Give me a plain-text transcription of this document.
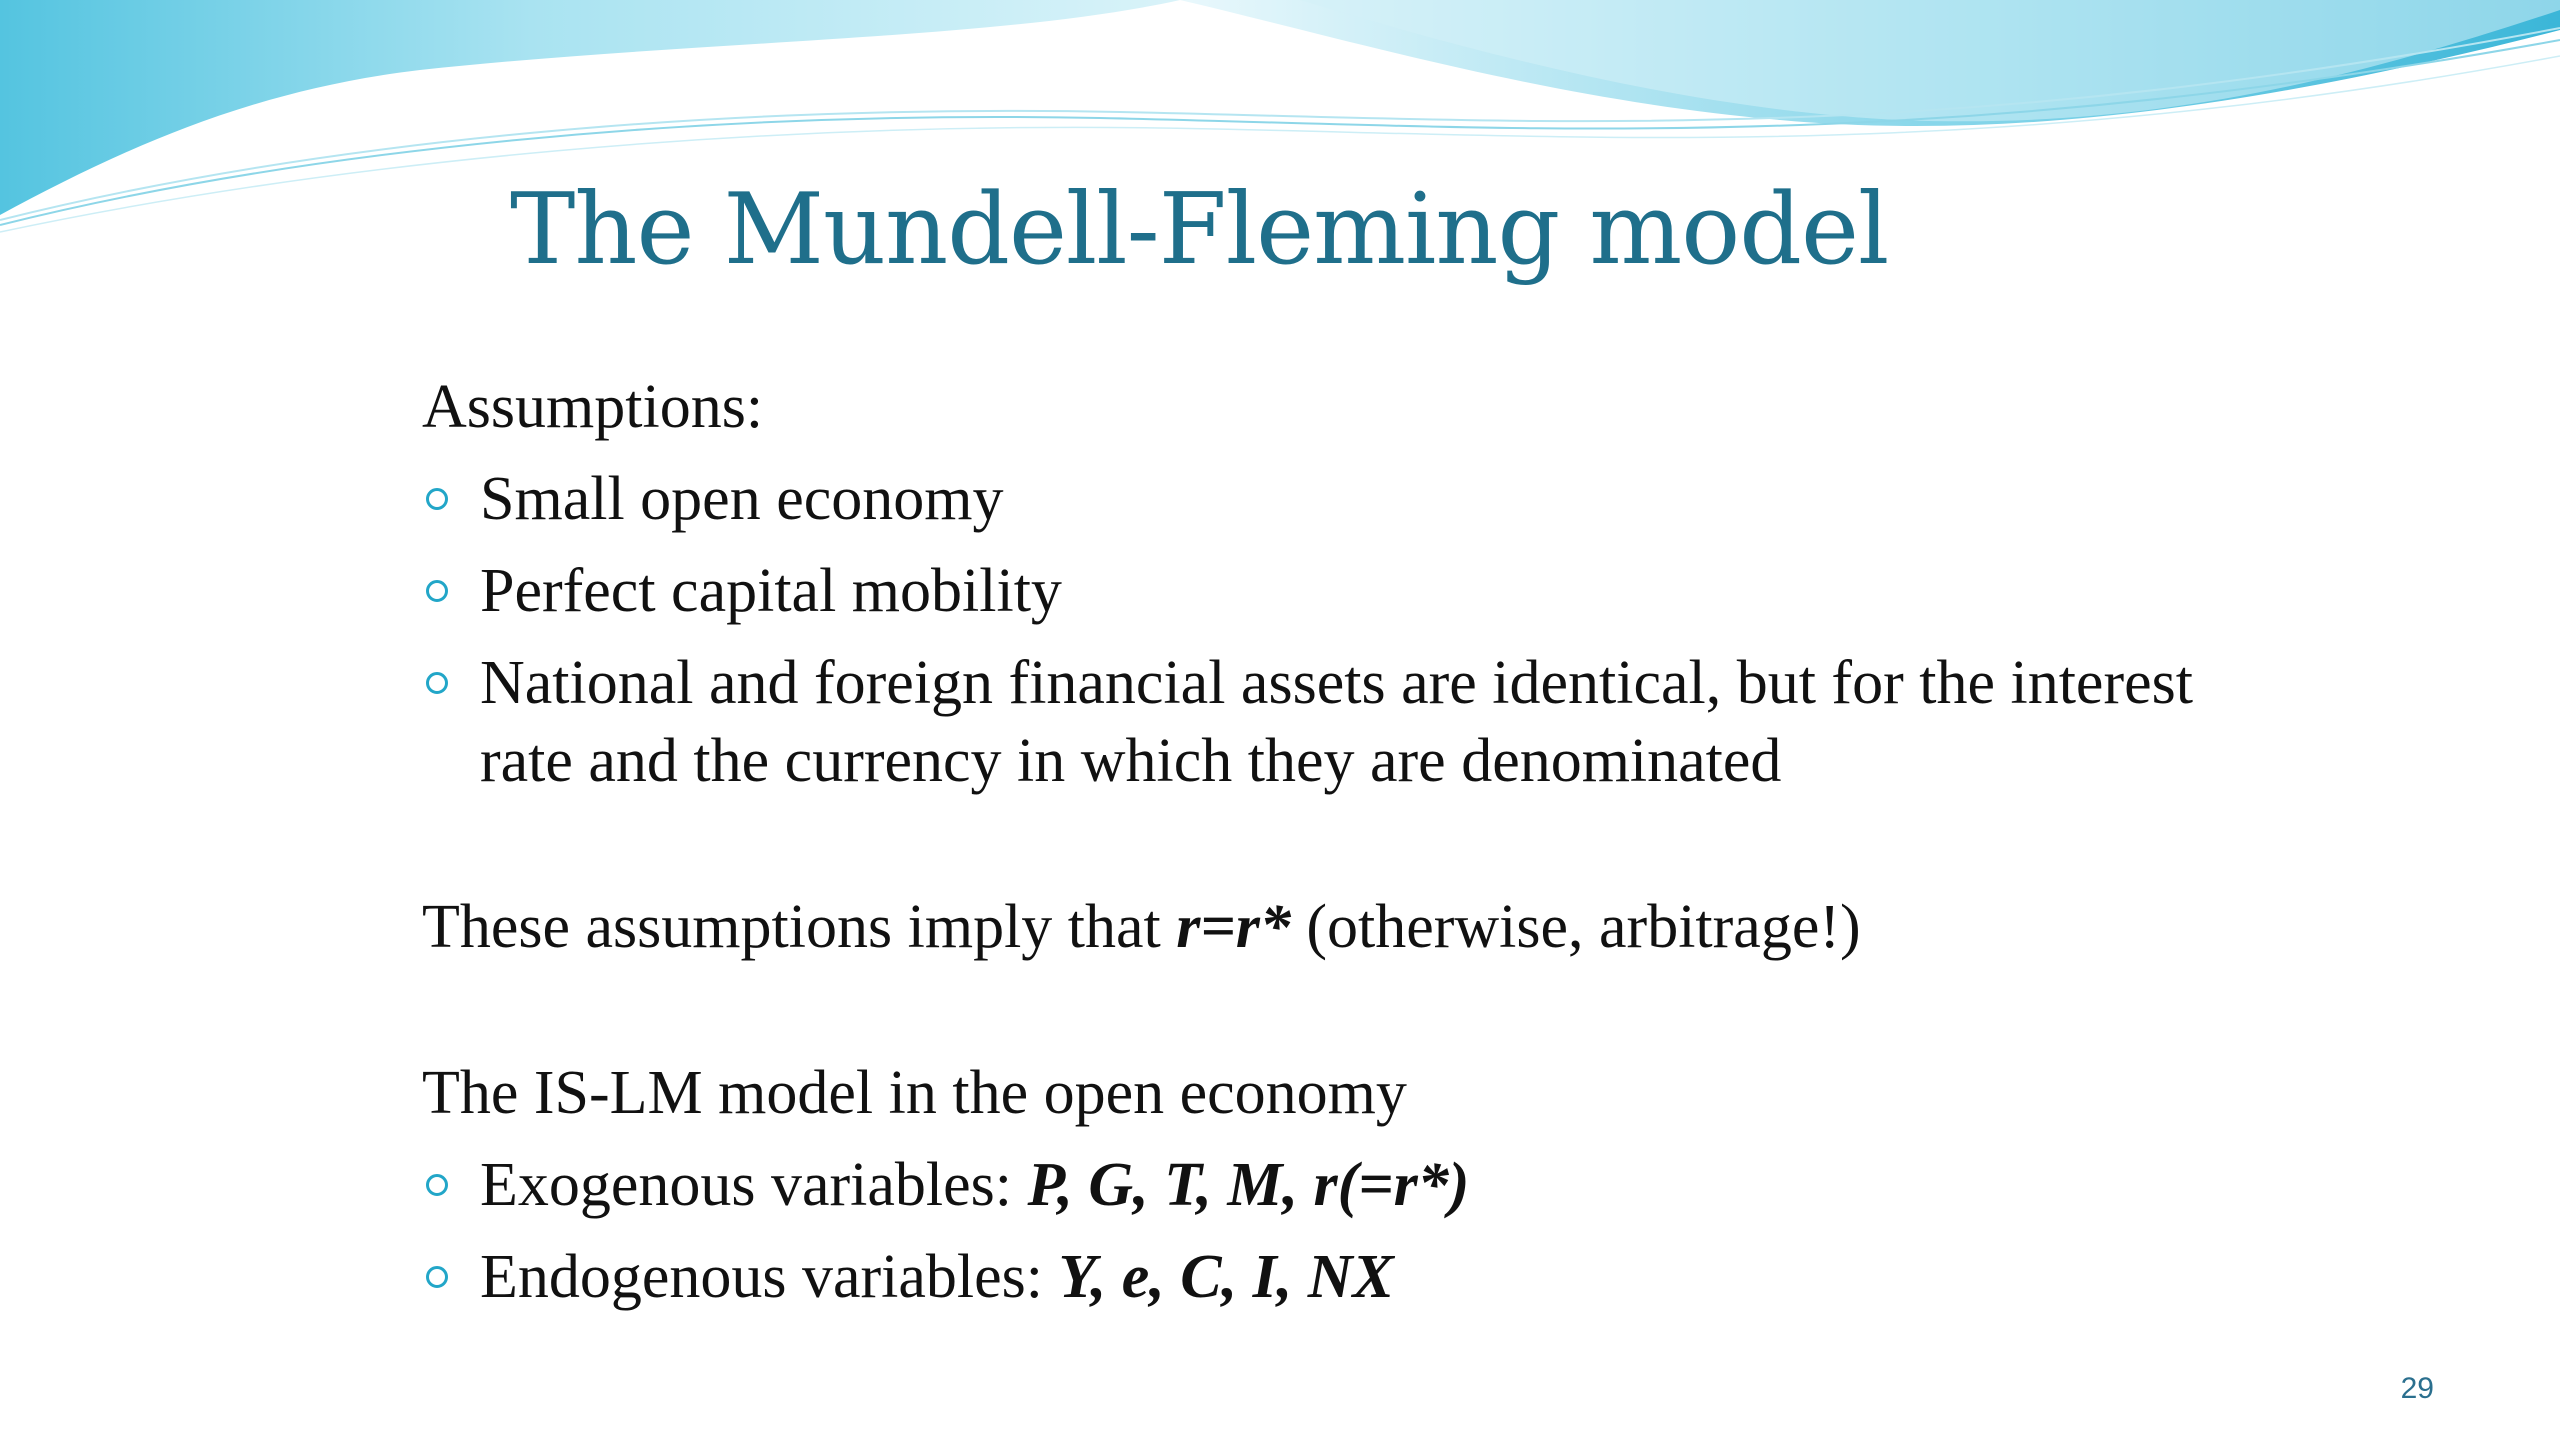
The Mundell-Fleming model

Assumptions:

Small open economy
Perfect capital mobility
National and foreign financial assets are identical, but for the interest rate and the currency in which they are denominated

These assumptions imply that r=r* (otherwise, arbitrage!)

The IS-LM model in the open economy

Exogenous variables: P, G, T, M, r(=r*)
Endogenous variables: Y, e, C, I, NX
29
